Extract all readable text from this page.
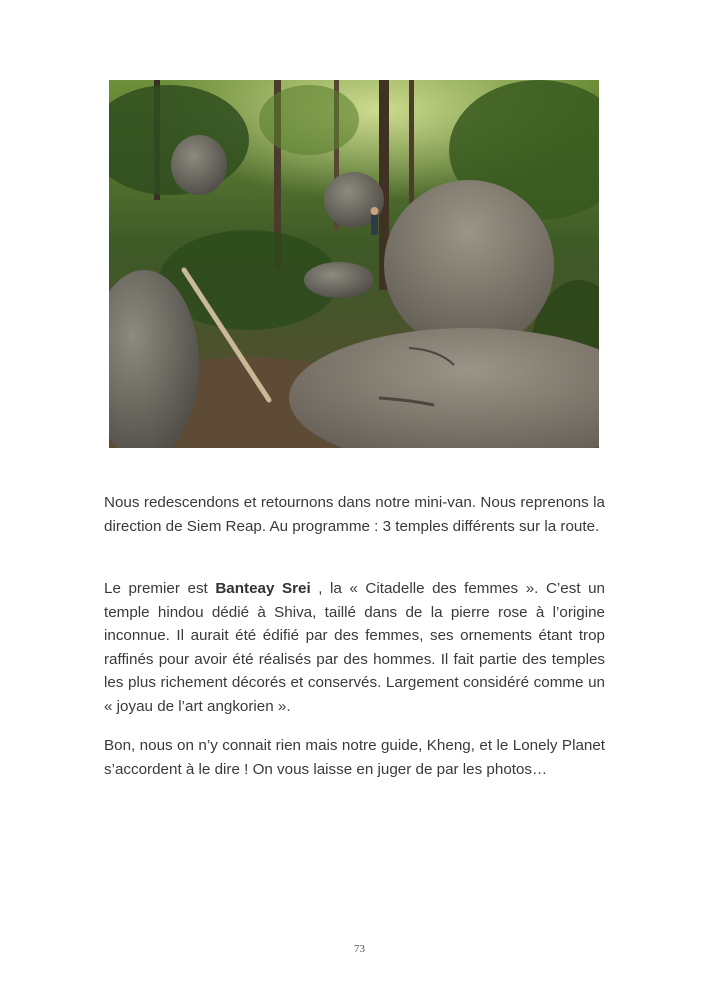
Nous redescendons et retournons dans notre mini-van. Nous reprenons la direction de Siem Reap. Au programme : 3 temples différents sur la route.

Le premier est Banteay Srei , la « Citadelle des femmes ». C’est un temple hindou dédié à Shiva, taillé dans de la pierre rose à l’origine inconnue. Il aurait été édifié par des femmes, ses ornements étant trop raffinés pour avoir été réalisés par des hommes. Il fait partie des temples les plus richement décorés et conservés. Largement considéré comme un « joyau de l’art angkorien ».

Bon, nous on n’y connait rien mais notre guide, Kheng, et le Lonely Planet s’accordent à le dire ! On vous laisse en juger de par les photos…

73
